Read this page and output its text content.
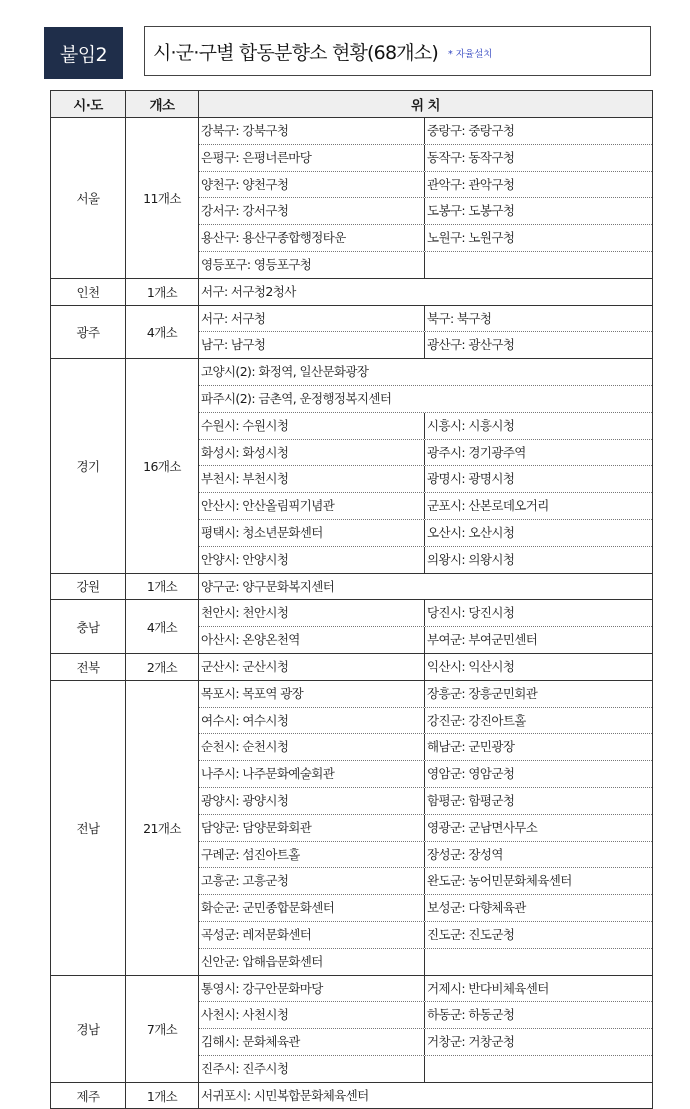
붙임2	시·군·구별 합동분향소 현황(68개소) * 자율설치
시·도	개소	위 치
서울	11개소	
강북구: 강북구청	중랑구: 중랑구청
은평구: 은평너른마당	동작구: 동작구청
양천구: 양천구청	관악구: 관악구청
강서구: 강서구청	도봉구: 도봉구청
용산구: 용산구종합행정타운	노원구: 노원구청
영등포구: 영등포구청

인천	1개소	서구: 서구청2청사

광주	4개소	서구: 서구청 북구: 북구청
남구: 남구청 광산구: 광산구청

경기	16개소	
고양시(2): 화정역, 일산문화광장
파주시(2): 금촌역, 운정행정복지센터
수원시: 수원시청	시흥시: 시흥시청
화성시: 화성시청	광주시: 경기광주역
부천시: 부천시청	광명시: 광명시청
안산시: 안산올림픽기념관	군포시: 산본로데오거리
평택시: 청소년문화센터	오산시: 오산시청
안양시: 안양시청	의왕시: 의왕시청

강원	1개소	양구군: 양구문화복지센터

충남	4개소	천안시: 천안시청 당진시: 당진시청
아산시: 온양온천역 부여군: 부여군민센터

전북	2개소	군산시: 군산시청 익산시: 익산시청

전남	21개소	
목포시: 목포역 광장	장흥군: 장흥군민회관
여수시: 여수시청	강진군: 강진아트홀
순천시: 순천시청	해남군: 군민광장
나주시: 나주문화예술회관	영암군: 영암군청
광양시: 광양시청	함평군: 함평군청
담양군: 담양문화회관	영광군: 군남면사무소
구례군: 섬진아트홀	장성군: 장성역
고흥군: 고흥군청	완도군: 농어민문화체육센터
화순군: 군민종합문화센터	보성군: 다향체육관
곡성군: 레저문화센터	진도군: 진도군청
신안군: 압해읍문화센터

경남	7개소	
통영시: 강구안문화마당	거제시: 반다비체육센터
사천시: 사천시청	하동군: 하동군청
김해시: 문화체육관	거창군: 거창군청
진주시: 진주시청

제주	1개소	서귀포시: 시민복합문화체육센터
